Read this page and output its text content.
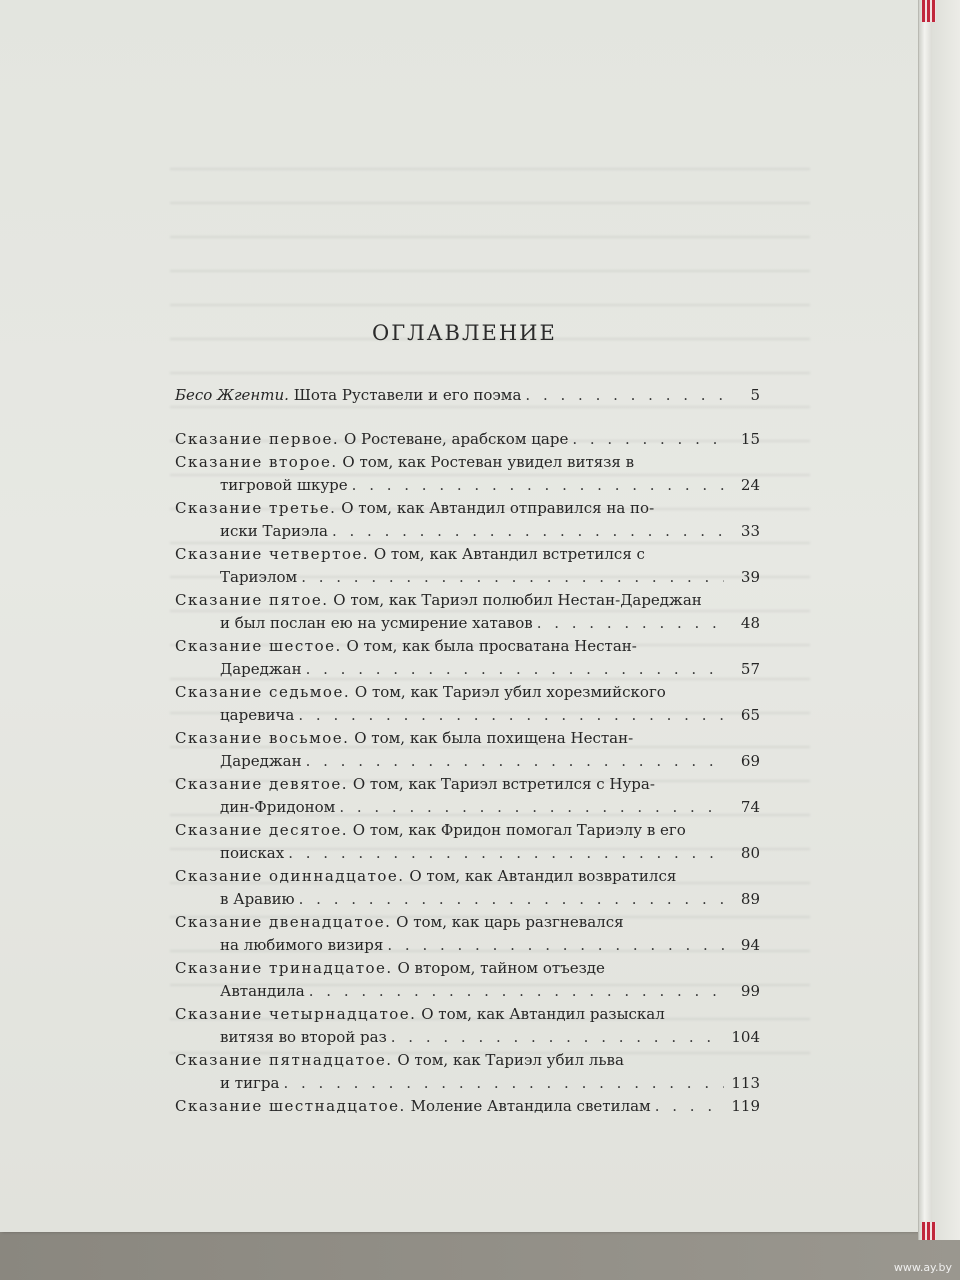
ОГЛАВЛЕНИЕ
Бесо Жгенти. Шота Руставели и его поэма . . .	5
Сказание первое. О Ростеване, арабском царе . . .	15
Сказание второе. О том, как Ростеван увидел витязя в
тигровой шкуре . . .	24
Сказание третье. О том, как Автандил отправился на по-
иски Тариэла . . .	33
Сказание четвертое. О том, как Автандил встретился с
Тариэлом . . .	39
Сказание пятое. О том, как Тариэл полюбил Нестан-Дареджан
и был послан ею на усмирение хатавов . . .	48
Сказание шестое. О том, как была просватана Нестан-
Дареджан . . .	57
Сказание седьмое. О том, как Тариэл убил хорезмийского
царевича . . .	65
Сказание восьмое. О том, как была похищена Нестан-
Дареджан . . .	69
Сказание девятое. О том, как Тариэл встретился с Нура-
дин-Фридоном . . .	74
Сказание десятое. О том, как Фридон помогал Тариэлу в его
поисках . . .	80
Сказание одиннадцатое. О том, как Автандил возвратился
в Аравию . . .	89
Сказание двенадцатое. О том, как царь разгневался
на любимого визиря . . .	94
Сказание тринадцатое. О втором, тайном отъезде
Автандила . . .	99
Сказание четырнадцатое. О том, как Автандил разыскал
витязя во второй раз . . .	104
Сказание пятнадцатое. О том, как Тариэл убил льва
и тигра . . .	113
Сказание шестнадцатое. Моление Автандила светилам . . .	119
www.ay.by
